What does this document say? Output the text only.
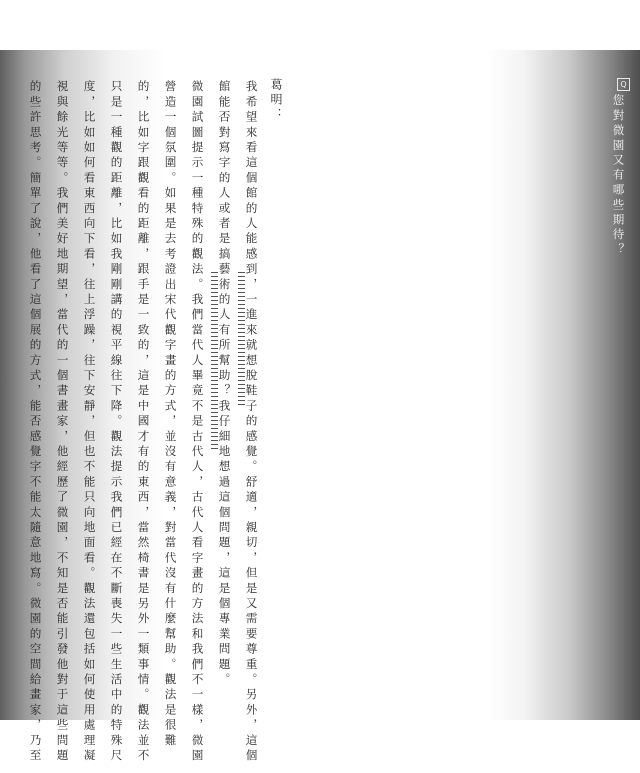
Q
您對微園又有哪些期待？
葛明：
我希望來看這個館的人能感到，一進來就想脫鞋子的感覺。舒適，親切，但是又需要尊重。另外，這個
館能否對寫字的人或者是搞藝術的人有所幫助？我仔細地想過這個問題，這是個專業問題。
微園試圖提示一種特殊的觀法。我們當代人畢竟不是古代人，古代人看字畫的方法和我們不一樣，微園
營造一個氛圍。如果是去考證出宋代觀字畫的方式，並沒有意義，對當代沒有什麼幫助。觀法是很難
的，比如字跟觀看的距離，跟手是一致的，這是中國才有的東西，當然椅書是另外一類事情。觀法並不
只是一種觀的距離，比如我剛剛講的視平線往下降。觀法提示我們已經在不斷喪失一些生活中的特殊尺
度，比如如何看東西向下看，往上浮躁，往下安靜，但也不能只向地面看。觀法還包括如何使用處理凝
視與餘光等等。我們美好地期望，當代的一個書畫家，他經歷了微園，不知是否能引發他對于這些問題
的些許思考。簡單了說，他看了這個展的方式，能否感覺字不能太隨意地寫。微園的空間給畫家，乃至
